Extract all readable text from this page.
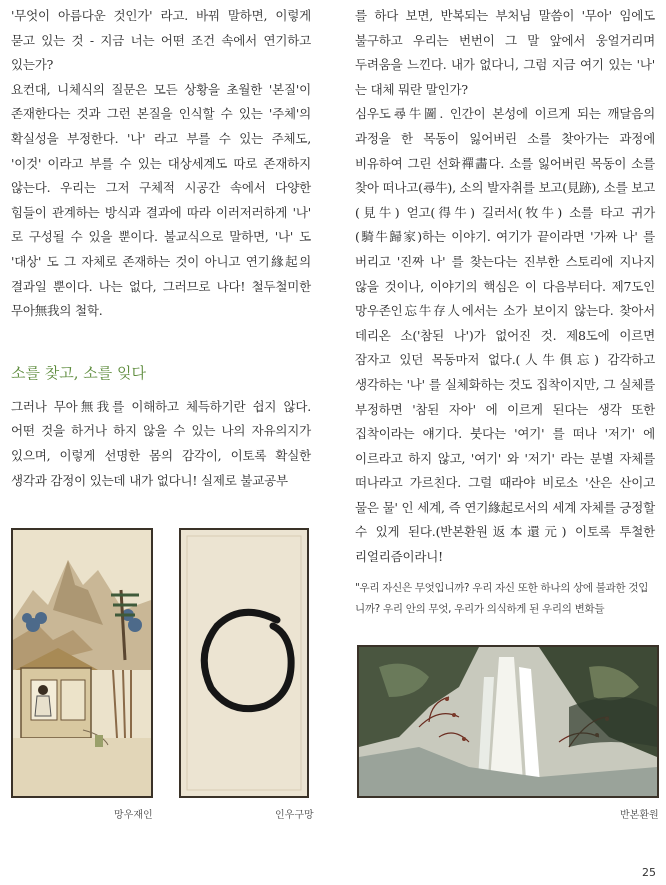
'무엇이 아름다운 것인가' 라고. 바꿔 말하면, 이렇게 묻고 있는 것 - 지금 너는 어떤 조건 속에서 연기하고 있는가?

요컨대, 니체식의 질문은 모든 상황을 초월한 '본질'이 존재한다는 것과 그런 본질을 인식할 수 있는 '주체'의 확실성을 부정한다. '나' 라고 부를 수 있는 주체도, '이것' 이라고 부를 수 있는 대상세계도 따로 존재하지 않는다. 우리는 그저 구체적 시공간 속에서 다양한 힘들이 관계하는 방식과 결과에 따라 이러저러하게 '나' 로 구성될 수 있을 뿐이다. 불교식으로 말하면, '나' 도 '대상' 도 그 자체로 존재하는 것이 아니고 연기緣起의 결과일 뿐이다. 나는 없다, 그러므로 나다! 철두철미한 무아無我의 철학.

소를 찾고, 소를 잊다

그러나 무아無我를 이해하고 체득하기란 쉽지 않다. 어떤 것을 하거나 하지 않을 수 있는 나의 자유의지가 있으며, 이렇게 선명한 몸의 감각이, 이토록 확실한 생각과 감정이 있는데 내가 없다니! 실제로 불교공부

를 하다 보면, 반복되는 부처님 말씀이 '무아' 임에도 불구하고 우리는 번번이 그 말 앞에서 웅얼거리며 두려움을 느낀다. 내가 없다니, 그럼 지금 여기 있는 '나' 는 대체 뭐란 말인가?

심우도尋牛圖. 인간이 본성에 이르게 되는 깨달음의 과정을 한 목동이 잃어버린 소를 찾아가는 과정에 비유하여 그린 선화禪畵다. 소를 잃어버린 목동이 소를 찾아 떠나고(尋牛), 소의 발자취를 보고(見跡), 소를 보고(見牛) 얻고(得牛) 길러서(牧牛) 소를 타고 귀가(騎牛歸家)하는 이야기. 여기가 끝이라면 '가짜 나' 를 버리고 '진짜 나' 를 찾는다는 진부한 스토리에 지나지 않을 것이나, 이야기의 핵심은 이 다음부터다. 제7도인 망우존인忘牛存人에서는 소가 보이지 않는다. 찾아서 데리온 소('참된 나')가 없어진 것. 제8도에 이르면 잠자고 있던 목동마저 없다.(人牛俱忘) 감각하고 생각하는 '나' 를 실체화하는 것도 집착이지만, 그 실체를 부정하면 '참된 자아' 에 이르게 된다는 생각 또한 집착이라는 얘기다. 붓다는 '여기' 를 떠나 '저기' 에 이르라고 하지 않고, '여기' 와 '저기' 라는 분별 자체를 떠나라고 가르친다. 그럴 때라야 비로소 '산은 산이고 물은 물' 인 세계, 즉 연기緣起로서의 세계 자체를 긍정할 수 있게 된다.(반본환원返本還元) 이토록 투철한 리얼리즘이라니!

"우리 자신은 무엇입니까? 우리 자신 또한 하나의 상에 불과한 것입니까? 우리 안의 무엇, 우리가 의식하게 된 우리의 변화들

망우재인	인우구망	반본환원
25
